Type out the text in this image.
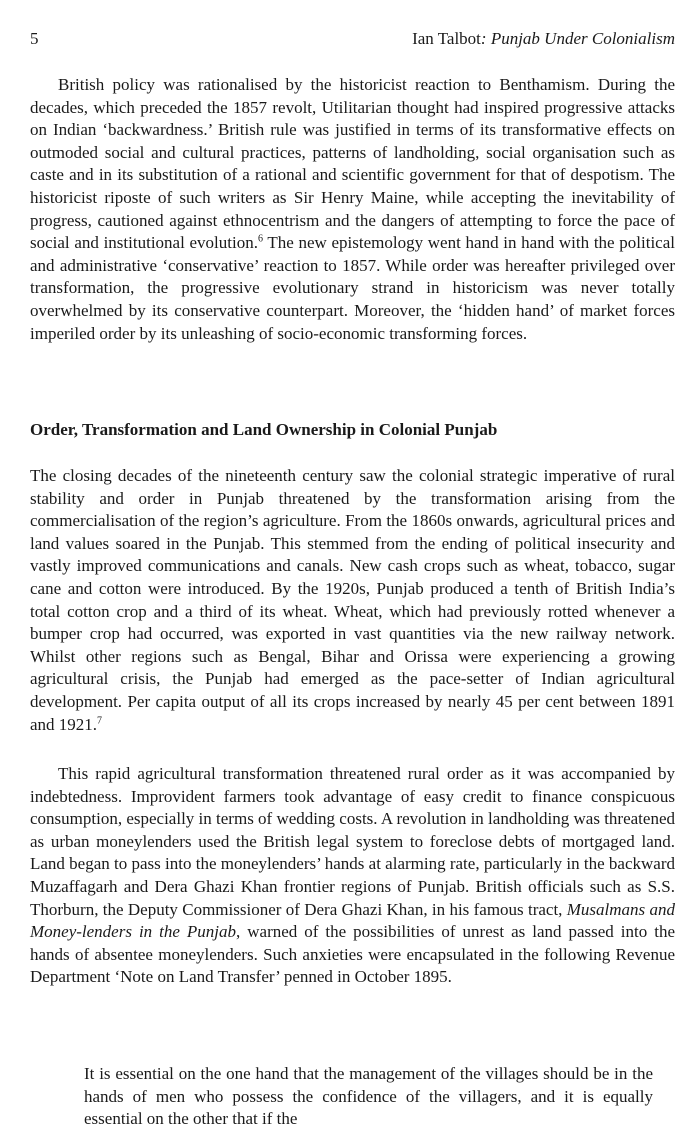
5	Ian Talbot: Punjab Under Colonialism

British policy was rationalised by the historicist reaction to Benthamism. During the decades, which preceded the 1857 revolt, Utilitarian thought had inspired progressive attacks on Indian ‘backwardness.’ British rule was justified in terms of its transformative effects on outmoded social and cultural practices, patterns of landholding, social organisation such as caste and in its substitution of a rational and scientific government for that of despotism. The historicist riposte of such writers as Sir Henry Maine, while accepting the inevitability of progress, cautioned against ethnocentrism and the dangers of attempting to force the pace of social and institutional evolution.$^6$ The new epistemology went hand in hand with the political and administrative ‘conservative’ reaction to 1857. While order was hereafter privileged over transformation, the progressive evolutionary strand in historicism was never totally overwhelmed by its conservative counterpart. Moreover, the ‘hidden hand’ of market forces imperiled order by its unleashing of socio-economic transforming forces.

Order, Transformation and Land Ownership in Colonial Punjab

The closing decades of the nineteenth century saw the colonial strategic imperative of rural stability and order in Punjab threatened by the transformation arising from the commercialisation of the region’s agriculture. From the 1860s onwards, agricultural prices and land values soared in the Punjab. This stemmed from the ending of political insecurity and vastly improved communications and canals. New cash crops such as wheat, tobacco, sugar cane and cotton were introduced. By the 1920s, Punjab produced a tenth of British India’s total cotton crop and a third of its wheat. Wheat, which had previously rotted whenever a bumper crop had occurred, was exported in vast quantities via the new railway network. Whilst other regions such as Bengal, Bihar and Orissa were experiencing a growing agricultural crisis, the Punjab had emerged as the pace-setter of Indian agricultural development. Per capita output of all its crops increased by nearly 45 per cent between 1891 and 1921.$^7$

This rapid agricultural transformation threatened rural order as it was accompanied by indebtedness. Improvident farmers took advantage of easy credit to finance conspicuous consumption, especially in terms of wedding costs. A revolution in landholding was threatened as urban moneylenders used the British legal system to foreclose debts of mortgaged land. Land began to pass into the moneylenders’ hands at alarming rate, particularly in the backward Muzaffagarh and Dera Ghazi Khan frontier regions of Punjab. British officials such as S.S. Thorburn, the Deputy Commissioner of Dera Ghazi Khan, in his famous tract, Musalmans and Money-lenders in the Punjab, warned of the possibilities of unrest as land passed into the hands of absentee moneylenders. Such anxieties were encapsulated in the following Revenue Department ‘Note on Land Transfer’ penned in October 1895.

It is essential on the one hand that the management of the villages should be in the hands of men who possess the confidence of the villagers, and it is equally essential on the other that if the
